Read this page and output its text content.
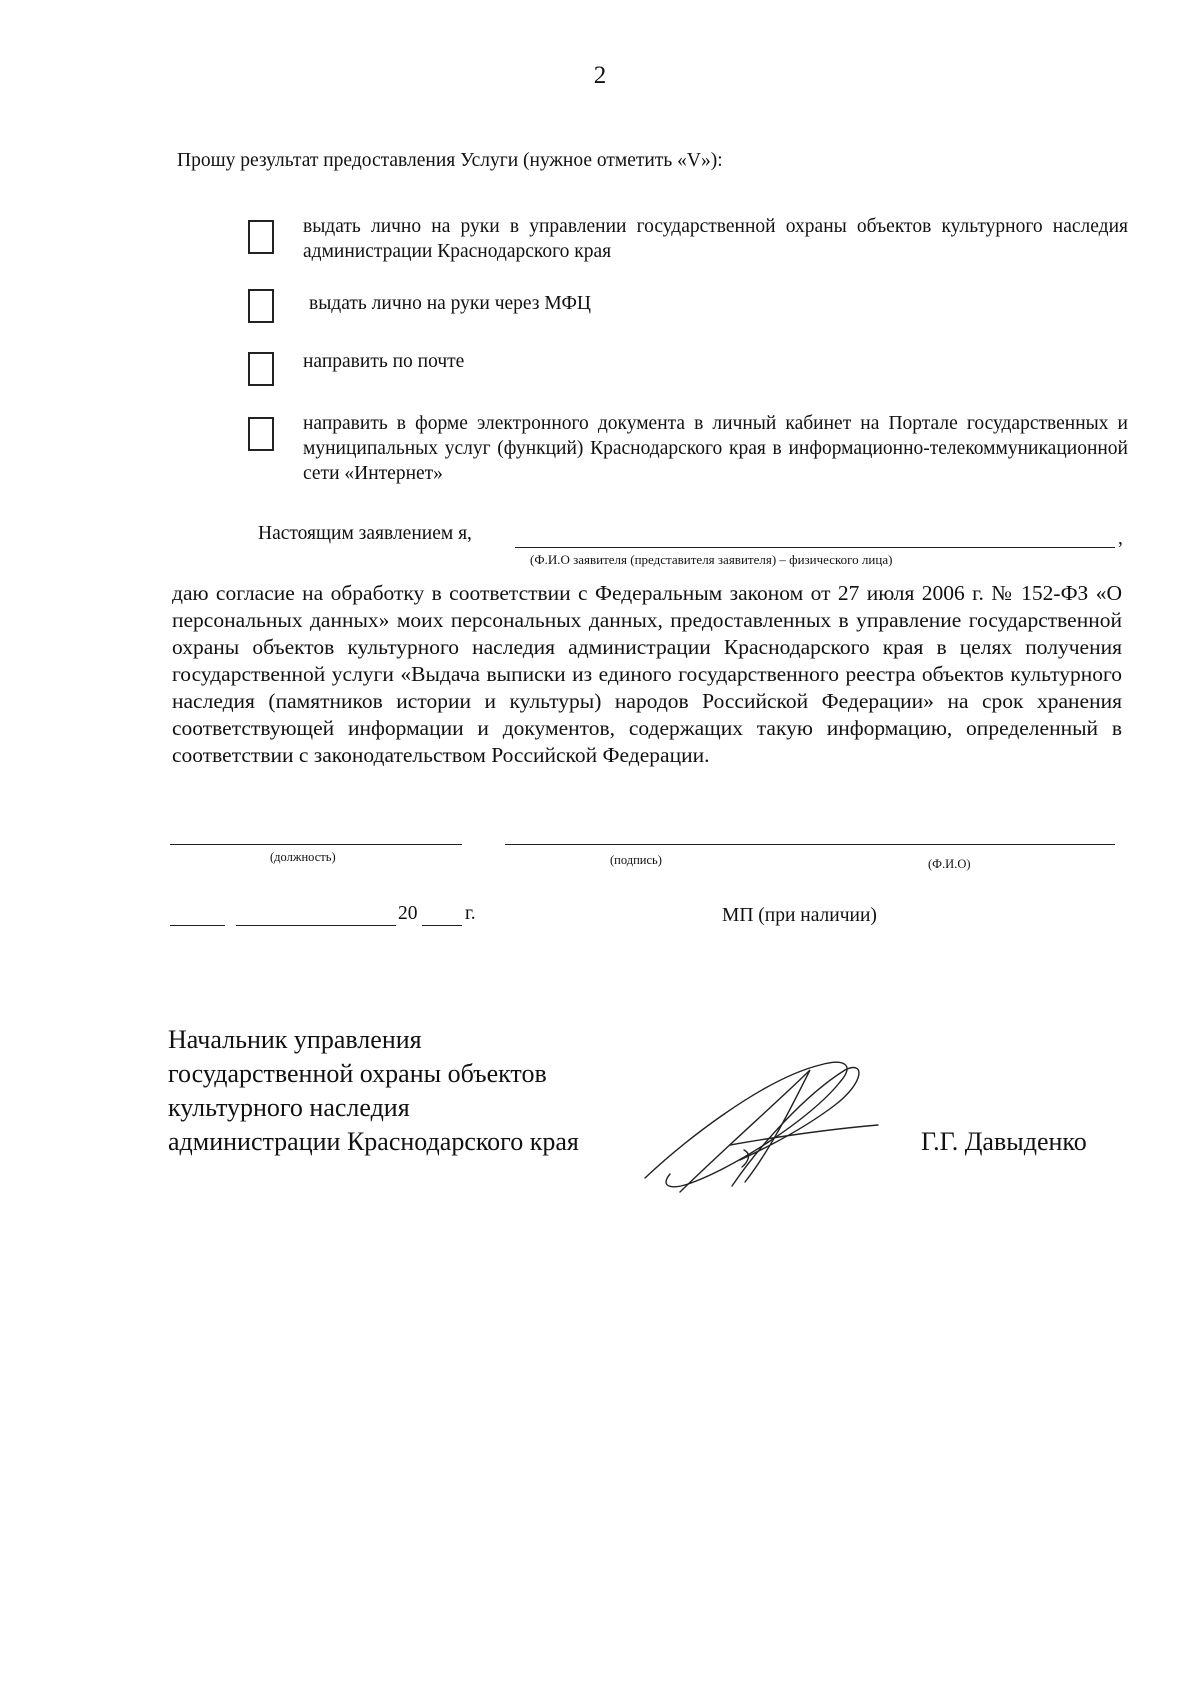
2
Прошу результат предоставления Услуги (нужное отметить «V»):
выдать лично на руки в управлении государственной охраны объектов культурного наследия администрации Краснодарского края
выдать лично на руки через МФЦ
направить по почте
направить в форме электронного документа в личный кабинет на Портале государственных и муниципальных услуг (функций) Краснодарского края в информационно-телекоммуникационной сети «Интернет»
Настоящим заявлением я,	,
(Ф.И.О заявителя (представителя заявителя) – физического лица)
даю согласие на обработку в соответствии с Федеральным законом от 27 июля 2006 г. № 152-ФЗ «О персональных данных» моих персональных данных, предоставленных в управление государственной охраны объектов культурного наследия администрации Краснодарского края в целях получения государственной услуги «Выдача выписки из единого государственного реестра объектов культурного наследия (памятников истории и культуры) народов Российской Федерации» на срок хранения соответствующей информации и документов, содержащих такую информацию, определенный в соответствии с законодательством Российской Федерации.
(должность)	(подпись)	(Ф.И.О)
20 г.	МП (при наличии)
Начальник управления
государственной охраны объектов
культурного наследия
администрации Краснодарского края	Г.Г. Давыденко
